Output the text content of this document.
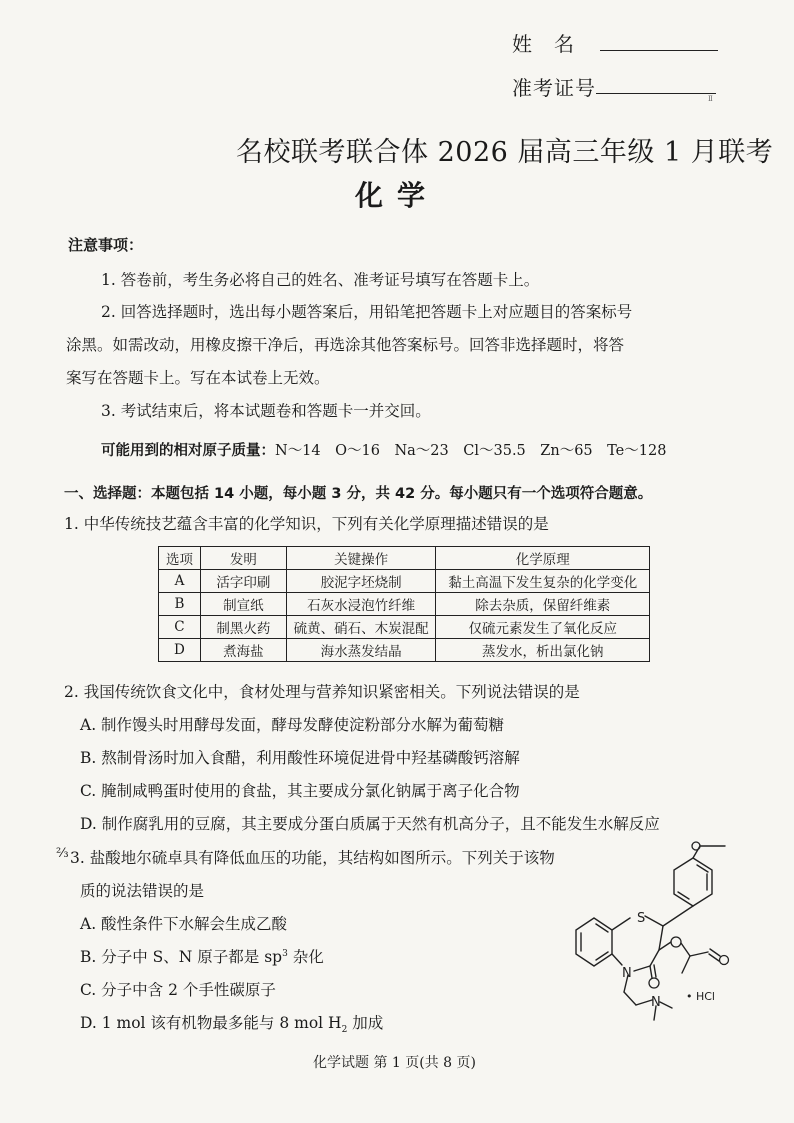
姓　名
准考证号	Ⅱ
名校联考联合体 2026 届高三年级 1 月联考
化学
注意事项：
1. 答卷前，考生务必将自己的姓名、准考证号填写在答题卡上。
2. 回答选择题时，选出每小题答案后，用铅笔把答题卡上对应题目的答案标号
涂黑。如需改动，用橡皮擦干净后，再选涂其他答案标号。回答非选择题时，将答
案写在答题卡上。写在本试卷上无效。
3. 考试结束后，将本试题卷和答题卡一并交回。
可能用到的相对原子质量：N～14　O～16　Na～23　Cl～35.5　Zn～65　Te～128
一、选择题：本题包括 14 小题，每小题 3 分，共 42 分。每小题只有一个选项符合题意。
1. 中华传统技艺蕴含丰富的化学知识，下列有关化学原理描述错误的是
选项	发明	关键操作	化学原理
A	活字印刷	胶泥字坯烧制	黏土高温下发生复杂的化学变化
B	制宣纸	石灰水浸泡竹纤维	除去杂质，保留纤维素
C	制黑火药	硫黄、硝石、木炭混配	仅硫元素发生了氧化反应
D	煮海盐	海水蒸发结晶	蒸发水，析出氯化钠
2. 我国传统饮食文化中，食材处理与营养知识紧密相关。下列说法错误的是
A. 制作馒头时用酵母发面，酵母发酵使淀粉部分水解为葡萄糖
B. 熬制骨汤时加入食醋，利用酸性环境促进骨中羟基磷酸钙溶解
C. 腌制咸鸭蛋时使用的食盐，其主要成分氯化钠属于离子化合物
D. 制作腐乳用的豆腐，其主要成分蛋白质属于天然有机高分子，且不能发生水解反应
⅔ 3. 盐酸地尔硫卓具有降低血压的功能，其结构如图所示。下列关于该物
质的说法错误的是
A. 酸性条件下水解会生成乙酸
B. 分子中 S、N 原子都是 $sp^3$ 杂化
C. 分子中含 2 个手性碳原子
D. 1 mol 该有机物最多能与 8 mol $H_2$ 加成
S
N
N • HCl
化学试题 第 1 页(共 8 页)
